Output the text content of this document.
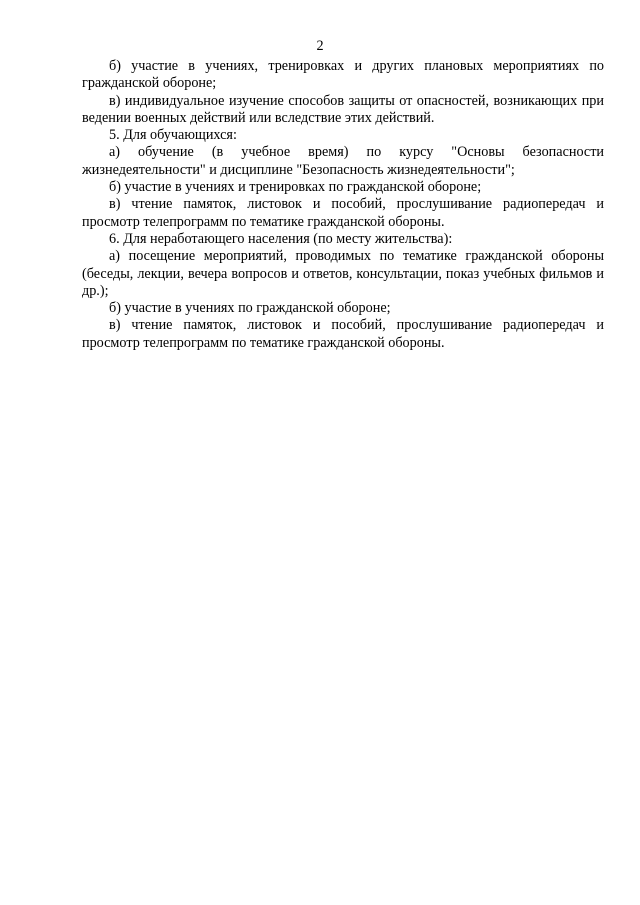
2

б) участие в учениях, тренировках и других плановых мероприятиях по гражданской обороне;

в) индивидуальное изучение способов защиты от опасностей, возникающих при ведении военных действий или вследствие этих действий.

5. Для обучающихся:

а) обучение (в учебное время) по курсу "Основы безопасности жизнедеятельности" и дисциплине "Безопасность жизнедеятельности";

б) участие в учениях и тренировках по гражданской обороне;

в) чтение памяток, листовок и пособий, прослушивание радиопередач и просмотр телепрограмм по тематике гражданской обороны.

6. Для неработающего населения (по месту жительства):

а) посещение мероприятий, проводимых по тематике гражданской обороны (беседы, лекции, вечера вопросов и ответов, консультации, показ учебных фильмов и др.);

б) участие в учениях по гражданской обороне;

в) чтение памяток, листовок и пособий, прослушивание радиопередач и просмотр телепрограмм по тематике гражданской обороны.
